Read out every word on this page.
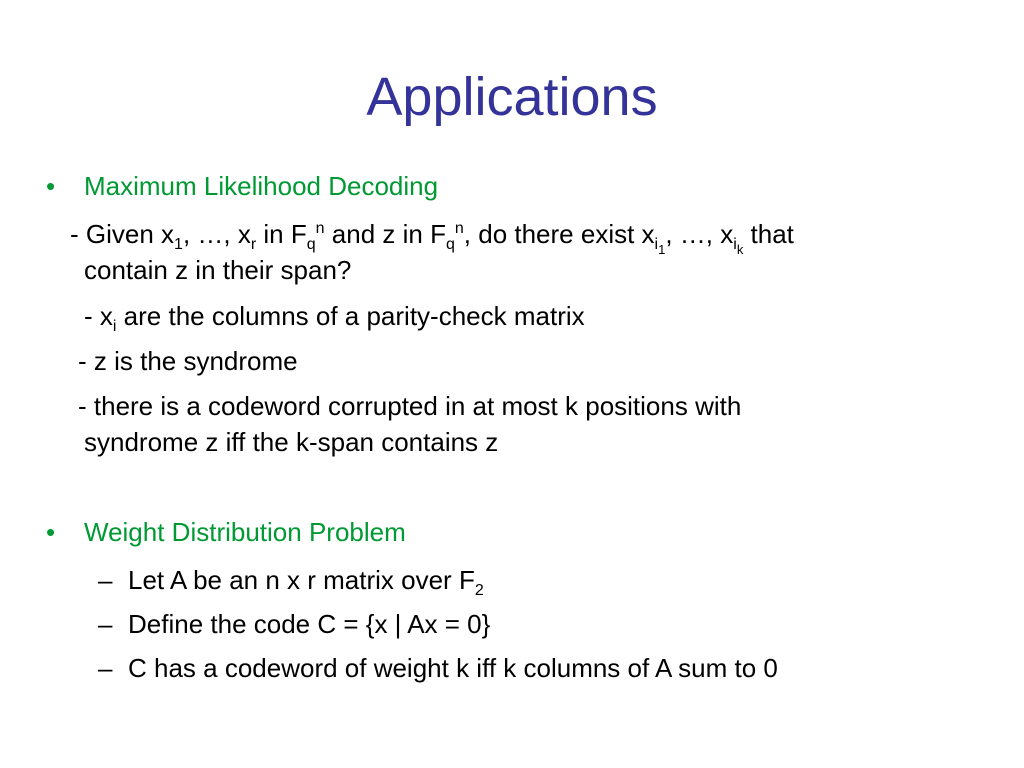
Applications
• Maximum Likelihood Decoding
- Given $x_1$, …, $x_r$ in $F_q^n$ and z in $F_q^n$, do there exist $x_{i_1}$, …, $x_{i_k}$ that
contain z in their span?
- $x_i$ are the columns of a parity-check matrix
- z is the syndrome
- there is a codeword corrupted in at most k positions with
syndrome z iff the k-span contains z
• Weight Distribution Problem
– Let A be an n x r matrix over $F_2$
– Define the code C = {x | Ax = 0}
– C has a codeword of weight k iff k columns of A sum to 0
